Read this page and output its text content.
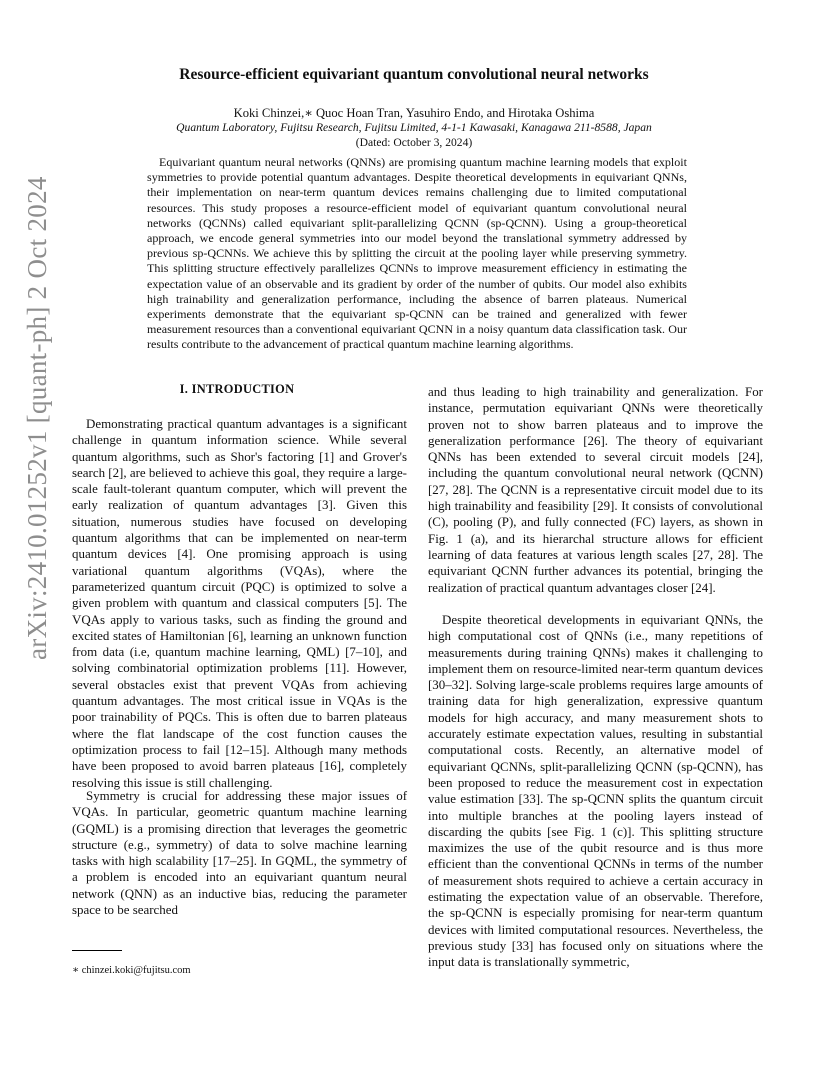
arXiv:2410.01252v1 [quant-ph] 2 Oct 2024
Resource-efficient equivariant quantum convolutional neural networks
Koki Chinzei,∗ Quoc Hoan Tran, Yasuhiro Endo, and Hirotaka Oshima
Quantum Laboratory, Fujitsu Research, Fujitsu Limited, 4-1-1 Kawasaki, Kanagawa 211-8588, Japan
(Dated: October 3, 2024)

Equivariant quantum neural networks (QNNs) are promising quantum machine learning models that exploit symmetries to provide potential quantum advantages. Despite theoretical developments in equivariant QNNs, their implementation on near-term quantum devices remains challenging due to limited computational resources. This study proposes a resource-efficient model of equivariant quantum convolutional neural networks (QCNNs) called equivariant split-parallelizing QCNN (sp-QCNN). Using a group-theoretical approach, we encode general symmetries into our model beyond the translational symmetry addressed by previous sp-QCNNs. We achieve this by splitting the circuit at the pooling layer while preserving symmetry. This splitting structure effectively parallelizes QCNNs to improve measurement efficiency in estimating the expectation value of an observable and its gradient by order of the number of qubits. Our model also exhibits high trainability and generalization performance, including the absence of barren plateaus. Numerical experiments demonstrate that the equivariant sp-QCNN can be trained and generalized with fewer measurement resources than a conventional equivariant QCNN in a noisy quantum data classification task. Our results contribute to the advancement of practical quantum machine learning algorithms.

I. INTRODUCTION

Demonstrating practical quantum advantages is a significant challenge in quantum information science. While several quantum algorithms, such as Shor's factoring [1] and Grover's search [2], are believed to achieve this goal, they require a large-scale fault-tolerant quantum computer, which will prevent the early realization of quantum advantages [3]. Given this situation, numerous studies have focused on developing quantum algorithms that can be implemented on near-term quantum devices [4]. One promising approach is using variational quantum algorithms (VQAs), where the parameterized quantum circuit (PQC) is optimized to solve a given problem with quantum and classical computers [5]. The VQAs apply to various tasks, such as finding the ground and excited states of Hamiltonian [6], learning an unknown function from data (i.e, quantum machine learning, QML) [7–10], and solving combinatorial optimization problems [11]. However, several obstacles exist that prevent VQAs from achieving quantum advantages. The most critical issue in VQAs is the poor trainability of PQCs. This is often due to barren plateaus where the flat landscape of the cost function causes the optimization process to fail [12–15]. Although many methods have been proposed to avoid barren plateaus [16], completely resolving this issue is still challenging.

Symmetry is crucial for addressing these major issues of VQAs. In particular, geometric quantum machine learning (GQML) is a promising direction that leverages the geometric structure (e.g., symmetry) of data to solve machine learning tasks with high scalability [17–25]. In GQML, the symmetry of a problem is encoded into an equivariant quantum neural network (QNN) as an inductive bias, reducing the parameter space to be searched

and thus leading to high trainability and generalization. For instance, permutation equivariant QNNs were theoretically proven not to show barren plateaus and to improve the generalization performance [26]. The theory of equivariant QNNs has been extended to several circuit models [24], including the quantum convolutional neural network (QCNN) [27, 28]. The QCNN is a representative circuit model due to its high trainability and feasibility [29]. It consists of convolutional (C), pooling (P), and fully connected (FC) layers, as shown in Fig. 1 (a), and its hierarchal structure allows for efficient learning of data features at various length scales [27, 28]. The equivariant QCNN further advances its potential, bringing the realization of practical quantum advantages closer [24].

Despite theoretical developments in equivariant QNNs, the high computational cost of QNNs (i.e., many repetitions of measurements during training QNNs) makes it challenging to implement them on resource-limited near-term quantum devices [30–32]. Solving large-scale problems requires large amounts of training data for high generalization, expressive quantum models for high accuracy, and many measurement shots to accurately estimate expectation values, resulting in substantial computational costs. Recently, an alternative model of equivariant QCNNs, split-parallelizing QCNN (sp-QCNN), has been proposed to reduce the measurement cost in expectation value estimation [33]. The sp-QCNN splits the quantum circuit into multiple branches at the pooling layers instead of discarding the qubits [see Fig. 1 (c)]. This splitting structure maximizes the use of the qubit resource and is thus more efficient than the conventional QCNNs in terms of the number of measurement shots required to achieve a certain accuracy in estimating the expectation value of an observable. Therefore, the sp-QCNN is especially promising for near-term quantum devices with limited computational resources. Nevertheless, the previous study [33] has focused only on situations where the input data is translationally symmetric,

∗ chinzei.koki@fujitsu.com
